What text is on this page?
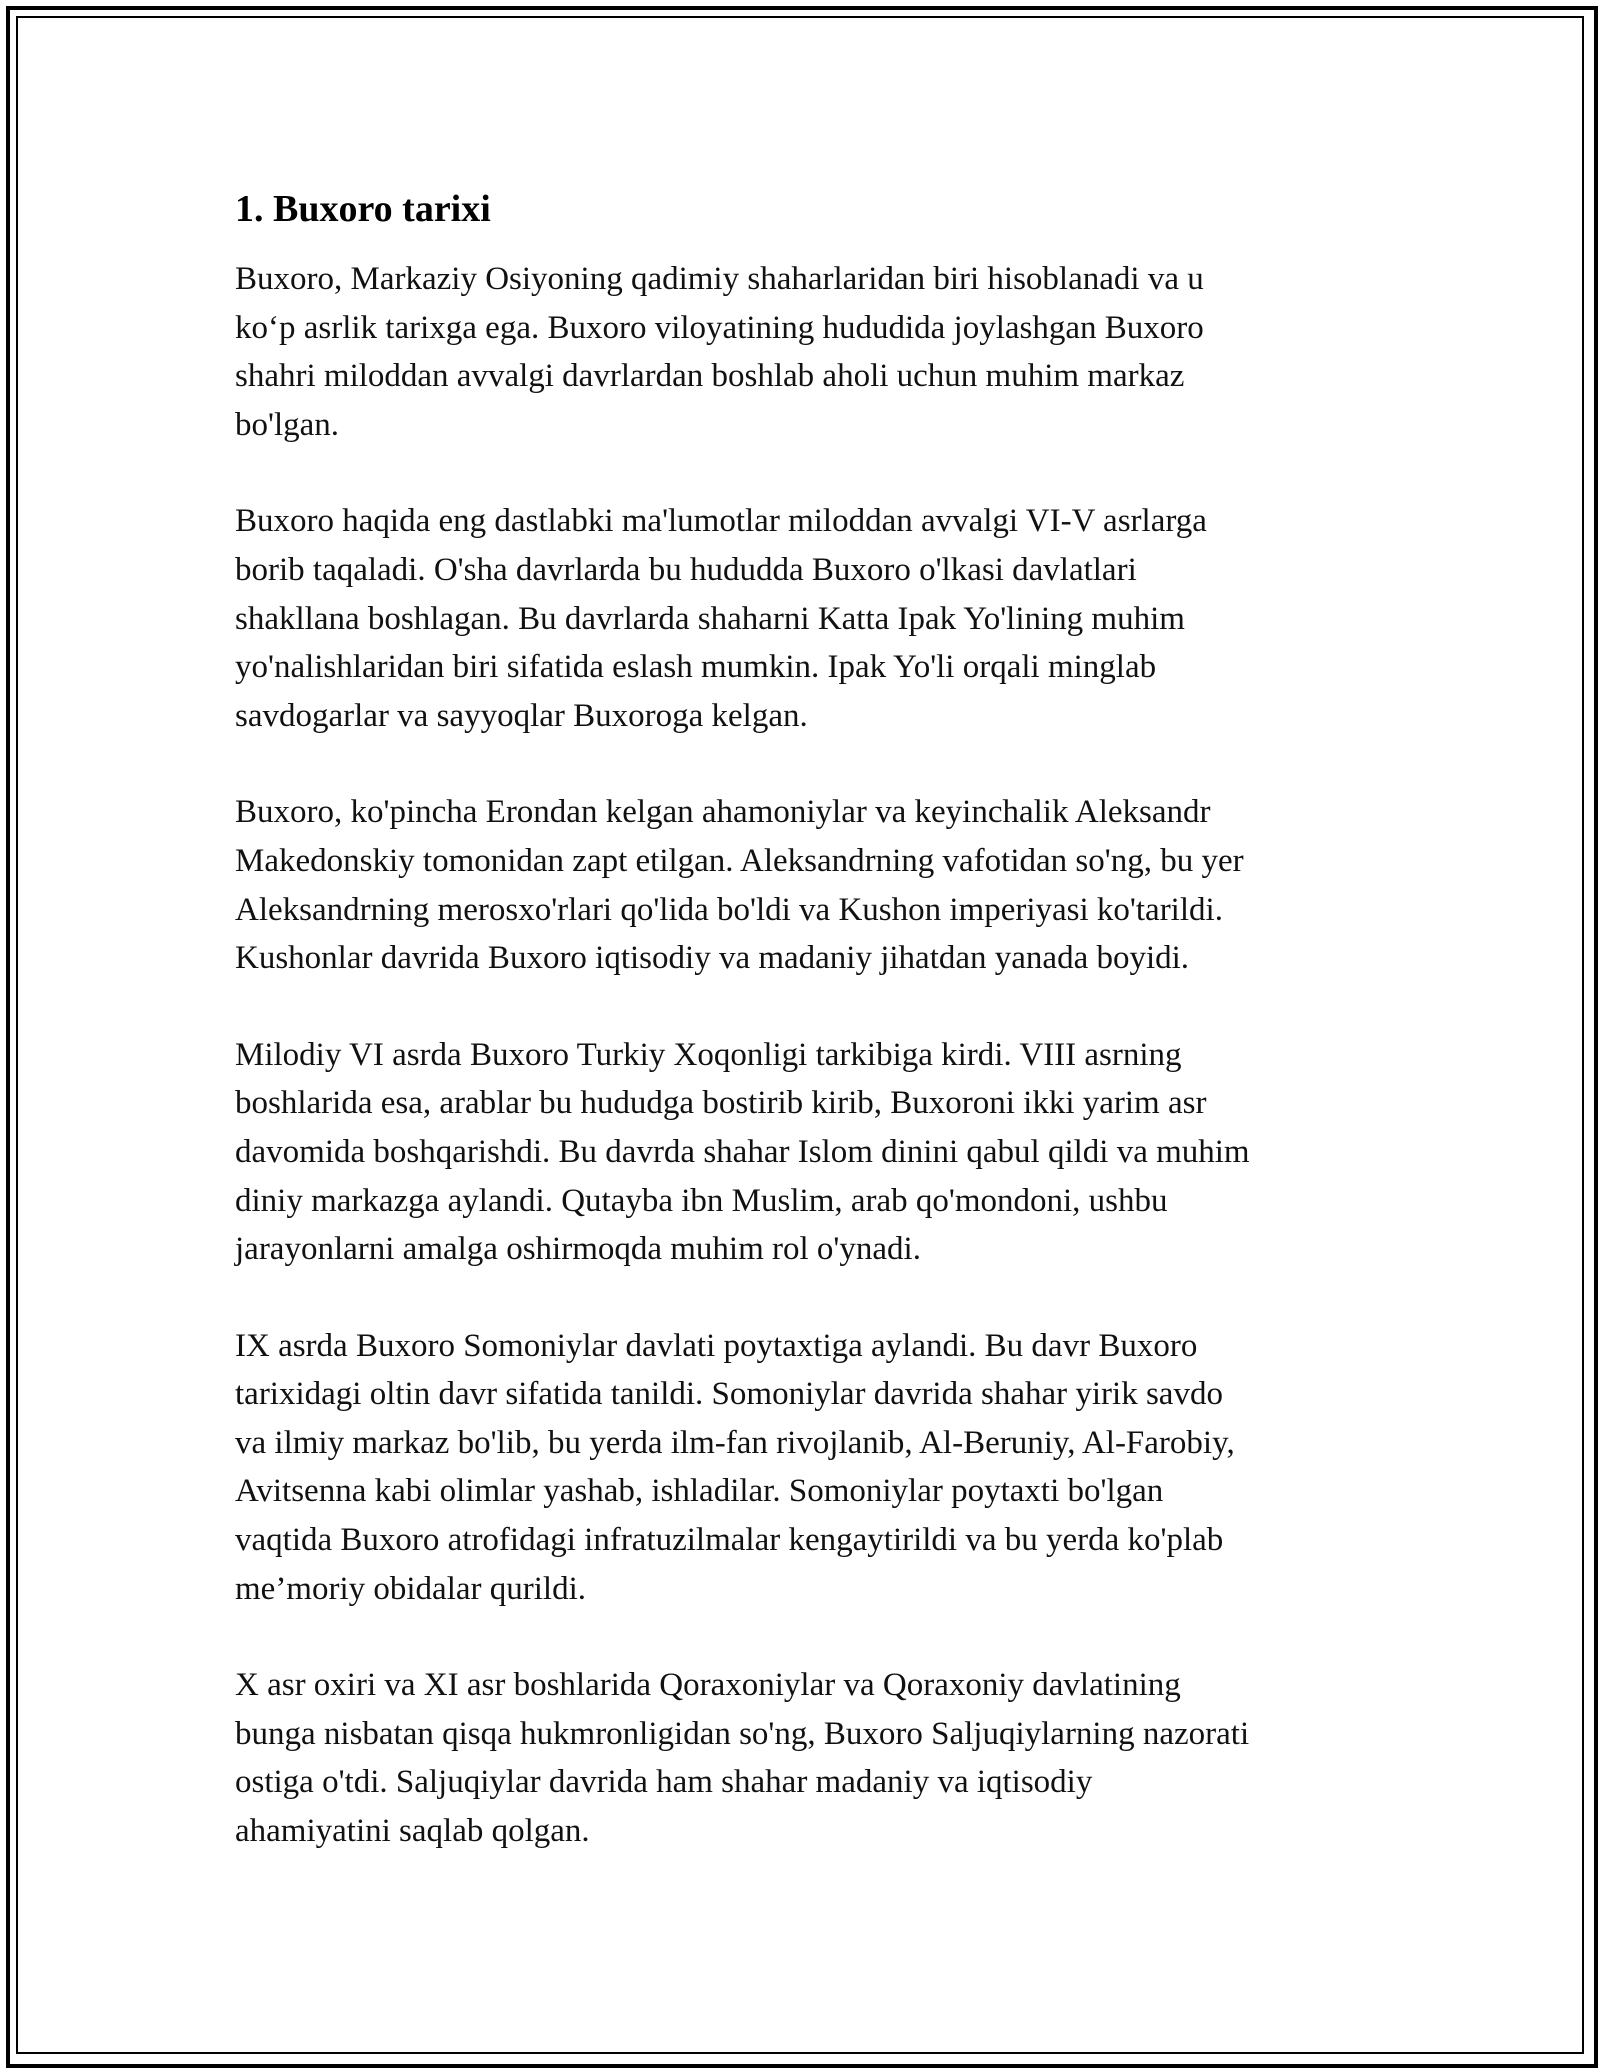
1. Buxoro tarixi

Buxoro, Markaziy Osiyoning qadimiy shaharlaridan biri hisoblanadi va u
ko‘p asrlik tarixga ega. Buxoro viloyatining hududida joylashgan Buxoro
shahri miloddan avvalgi davrlardan boshlab aholi uchun muhim markaz
bo'lgan.

Buxoro haqida eng dastlabki ma'lumotlar miloddan avvalgi VI-V asrlarga
borib taqaladi. O'sha davrlarda bu hududda Buxoro o'lkasi davlatlari
shakllana boshlagan. Bu davrlarda shaharni Katta Ipak Yo'lining muhim
yo'nalishlaridan biri sifatida eslash mumkin. Ipak Yo'li orqali minglab
savdogarlar va sayyoqlar Buxoroga kelgan.

Buxoro, ko'pincha Erondan kelgan ahamoniylar va keyinchalik Aleksandr
Makedonskiy tomonidan zapt etilgan. Aleksandrning vafotidan so'ng, bu yer
Aleksandrning merosxo'rlari qo'lida bo'ldi va Kushon imperiyasi ko'tarildi.
Kushonlar davrida Buxoro iqtisodiy va madaniy jihatdan yanada boyidi.

Milodiy VI asrda Buxoro Turkiy Xoqonligi tarkibiga kirdi. VIII asrning
boshlarida esa, arablar bu hududga bostirib kirib, Buxoroni ikki yarim asr
davomida boshqarishdi. Bu davrda shahar Islom dinini qabul qildi va muhim
diniy markazga aylandi. Qutayba ibn Muslim, arab qo'mondoni, ushbu
jarayonlarni amalga oshirmoqda muhim rol o'ynadi.

IX asrda Buxoro Somoniylar davlati poytaxtiga aylandi. Bu davr Buxoro
tarixidagi oltin davr sifatida tanildi. Somoniylar davrida shahar yirik savdo
va ilmiy markaz bo'lib, bu yerda ilm-fan rivojlanib, Al-Beruniy, Al-Farobiy,
Avitsenna kabi olimlar yashab, ishladilar. Somoniylar poytaxti bo'lgan
vaqtida Buxoro atrofidagi infratuzilmalar kengaytirildi va bu yerda ko'plab
me’moriy obidalar qurildi.

X asr oxiri va XI asr boshlarida Qoraxoniylar va Qoraxoniy davlatining
bunga nisbatan qisqa hukmronligidan so'ng, Buxoro Saljuqiylarning nazorati
ostiga o'tdi. Saljuqiylar davrida ham shahar madaniy va iqtisodiy
ahamiyatini saqlab qolgan.
